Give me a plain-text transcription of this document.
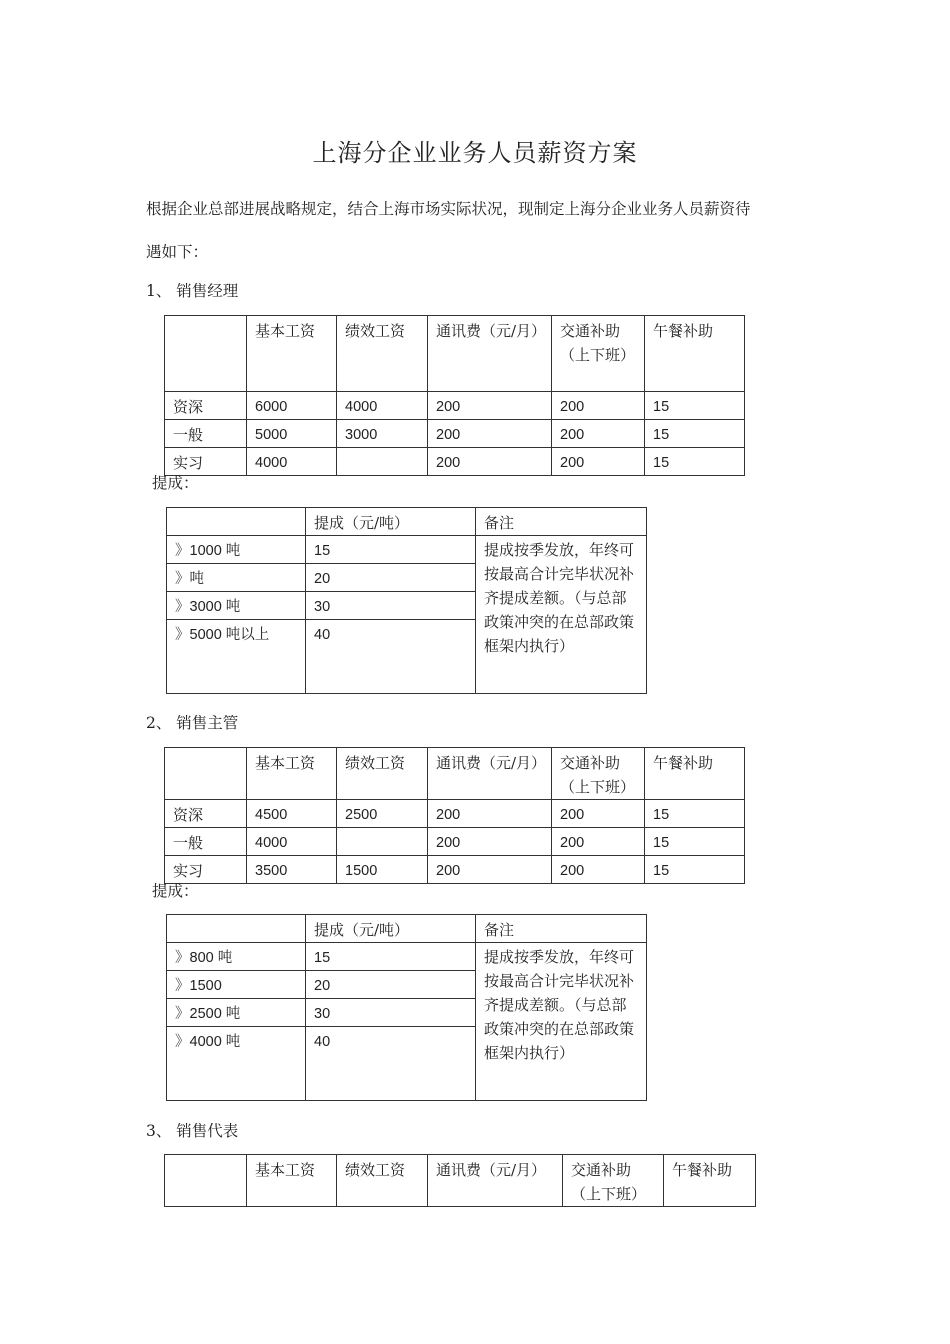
上海分企业业务人员薪资方案
根据企业总部进展战略规定，结合上海市场实际状况，现制定上海分企业业务人员薪资待
遇如下：
1、 销售经理
	基本工资	绩效工资	通讯费（元/月）	交通补助（上下班）	午餐补助
资深	6000	4000	200	200	15
一般	5000	3000	200	200	15
实习	4000		200	200	15
提成：
	提成（元/吨）	备注
》1000 吨	15	提成按季发放，年终可按最高合计完毕状况补齐提成差额。（与总部政策冲突的在总部政策框架内执行）
》吨	20	
》3000 吨	30	
》5000 吨以上	40	
2、 销售主管
	基本工资	绩效工资	通讯费（元/月）	交通补助（上下班）	午餐补助
资深	4500	2500	200	200	15
一般	4000		200	200	15
实习	3500	1500	200	200	15
提成：
	提成（元/吨）	备注
》800 吨	15	提成按季发放，年终可按最高合计完毕状况补齐提成差额。（与总部政策冲突的在总部政策框架内执行）
》1500	20	
》2500 吨	30	
》4000 吨	40	
3、 销售代表
	基本工资	绩效工资	通讯费（元/月）	交通补助（上下班）	午餐补助
